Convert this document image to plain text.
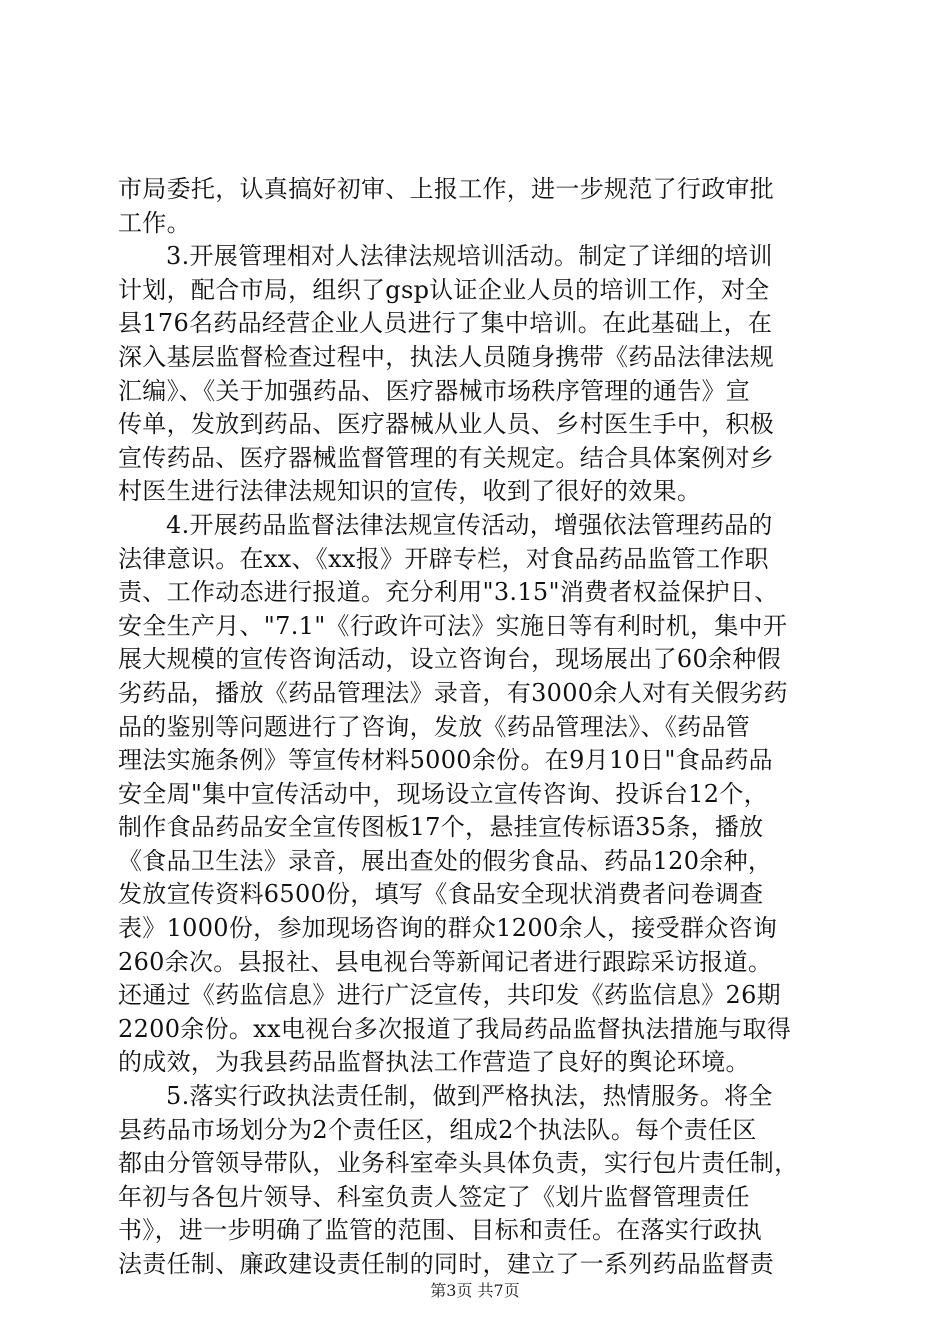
市局委托，认真搞好初审、上报工作，进一步规范了行政审批
工作。
3.开展管理相对人法律法规培训活动。制定了详细的培训
计划，配合市局，组织了gsp认证企业人员的培训工作，对全
县176名药品经营企业人员进行了集中培训。在此基础上，在
深入基层监督检查过程中，执法人员随身携带《药品法律法规
汇编》、《关于加强药品、医疗器械市场秩序管理的通告》宣
传单，发放到药品、医疗器械从业人员、乡村医生手中，积极
宣传药品、医疗器械监督管理的有关规定。结合具体案例对乡
村医生进行法律法规知识的宣传，收到了很好的效果。
4.开展药品监督法律法规宣传活动，增强依法管理药品的
法律意识。在xx、《xx报》开辟专栏，对食品药品监管工作职
责、工作动态进行报道。充分利用"3.15"消费者权益保护日、
安全生产月、"7.1"《行政许可法》实施日等有利时机，集中开
展大规模的宣传咨询活动，设立咨询台，现场展出了60余种假
劣药品，播放《药品管理法》录音，有3000余人对有关假劣药
品的鉴别等问题进行了咨询，发放《药品管理法》、《药品管
理法实施条例》等宣传材料5000余份。在9月10日"食品药品
安全周"集中宣传活动中，现场设立宣传咨询、投诉台12个，
制作食品药品安全宣传图板17个，悬挂宣传标语35条，播放
《食品卫生法》录音，展出查处的假劣食品、药品120余种，
发放宣传资料6500份，填写《食品安全现状消费者问卷调查
表》1000份，参加现场咨询的群众1200余人，接受群众咨询
260余次。县报社、县电视台等新闻记者进行跟踪采访报道。
还通过《药监信息》进行广泛宣传，共印发《药监信息》26期
2200余份。xx电视台多次报道了我局药品监督执法措施与取得
的成效，为我县药品监督执法工作营造了良好的舆论环境。
5.落实行政执法责任制，做到严格执法，热情服务。将全
县药品市场划分为2个责任区，组成2个执法队。每个责任区
都由分管领导带队，业务科室牵头具体负责，实行包片责任制，
年初与各包片领导、科室负责人签定了《划片监督管理责任
书》，进一步明确了监管的范围、目标和责任。在落实行政执
法责任制、廉政建设责任制的同时，建立了一系列药品监督责
第3页 共7页
